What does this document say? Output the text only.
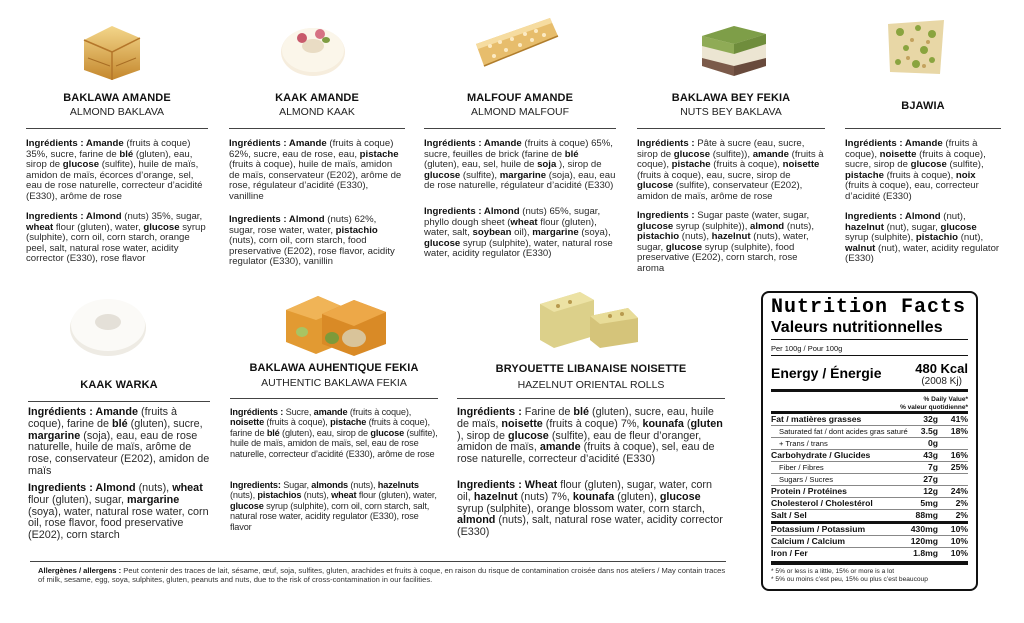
BAKLAWA AMANDE
ALMOND BAKLAVA

Ingrédients : Amande (fruits à coque) 35%, sucre, farine de blé (gluten), eau, sirop de glucose (sulfite), huile de maïs, amidon de maïs, écorces d’orange, sel, eau de rose naturelle, correcteur d’acidité (E330), arôme de rose

Ingredients : Almond (nuts) 35%, sugar, wheat flour (gluten), water, glucose syrup (sulphite), corn oil, corn starch, orange peel, salt, natural rose water, acidity corrector (E330), rose flavor

KAAK AMANDE
ALMOND KAAK

Ingrédients : Amande (fruits à coque) 62%, sucre, eau de rose, eau, pistache (fruits à coque), huile de maïs, amidon de maïs, conservateur (E202), arôme de rose, régulateur d’acidité (E330), vanilline

Ingredients : Almond (nuts) 62%, sugar, rose water, water, pistachio (nuts), corn oil, corn starch, food preservative (E202), rose flavor, acidity regulator (E330), vanillin

MALFOUF AMANDE
ALMOND MALFOUF

Ingrédients : Amande (fruits à coque) 65%, sucre, feuilles de brick (farine de blé (gluten), eau, sel, huile de soja ), sirop de glucose (sulfite), margarine (soja), eau, eau de rose naturelle, régulateur d’acidité (E330)

Ingredients : Almond (nuts) 65%, sugar, phyllo dough sheet (wheat flour (gluten), water, salt, soybean oil), margarine (soya), glucose syrup (sulphite), water, natural rose water, acidity regulator (E330)

BAKLAWA BEY FEKIA
NUTS BEY BAKLAVA

Ingrédients : Pâte à sucre (eau, sucre, sirop de glucose (sulfite)), amande (fruits à coque), pistache (fruits à coque), noisette (fruits à coque), eau, sucre, sirop de glucose (sulfite), conservateur (E202), amidon de maïs, arôme de rose

Ingredients : Sugar paste (water, sugar, glucose syrup (sulphite)), almond (nuts), pistachio (nuts), hazelnut (nuts), water, sugar, glucose syrup (sulphite), food preservative (E202), corn starch, rose aroma

BJAWIA

Ingrédients : Amande (fruits à coque), noisette (fruits à coque), sucre, sirop de glucose (sulfite), pistache (fruits à coque), noix (fruits à coque), eau, correcteur d’acidité (E330)

Ingredients : Almond (nut), hazelnut (nut), sugar, glucose syrup (sulphite), pistachio (nut), walnut (nut), water, acidity regulator (E330)

KAAK WARKA

Ingrédients : Amande (fruits à coque), farine de blé (gluten), sucre, margarine (soja), eau, eau de rose naturelle, huile de maïs, arôme de rose, conservateur (E202), amidon de maïs

Ingredients : Almond (nuts), wheat flour (gluten), sugar, margarine (soya), water, natural rose water, corn oil, rose flavor, food preservative (E202), corn starch

BAKLAWA AUHENTIQUE FEKIA
AUTHENTIC BAKLAWA FEKIA

Ingrédients : Sucre, amande (fruits à coque), noisette (fruits à coque), pistache (fruits à coque), farine de blé (gluten), eau, sirop de glucose (sulfite), huile de maïs, amidon de maïs, sel, eau de rose naturelle, correcteur d’acidité (E330), arôme de rose

Ingredients: Sugar, almonds (nuts), hazelnuts (nuts), pistachios (nuts), wheat flour (gluten), water, glucose syrup (sulphite), corn oil, corn starch, salt, natural rose water, acidity regulator (E330), rose flavor

BRYOUETTE LIBANAISE NOISETTE
HAZELNUT ORIENTAL ROLLS

Ingrédients : Farine de blé (gluten), sucre, eau, huile de maïs, noisette (fruits à coque) 7%, kounafa (gluten ), sirop de glucose (sulfite), eau de fleur d’oranger, amidon de maïs, amande (fruits à coque), sel, eau de rose naturelle, correcteur d’acidité (E330)

Ingredients : Wheat flour (gluten), sugar, water, corn oil, hazelnut (nuts) 7%, kounafa (gluten), glucose syrup (sulphite), orange blossom water, corn starch, almond (nuts), salt, natural rose water, acidity corrector (E330)

Allergènes / allergens : Peut contenir des traces de lait, sésame, œuf, soja, sulfites, gluten, arachides et fruits à coque, en raison du risque de contamination croisée dans nos ateliers / May contain traces of milk, sesame, egg, soya, sulphites, gluten, peanuts and nuts, due to the risk of cross-contamination in our facilities.
Nutrition Facts
Valeurs nutritionnelles
Per 100g / Pour 100g
Energy / Énergie	480 Kcal
(2008 Kj)
% Daily Value*
% valeur quotidienne*
Fat / matières grasses	32g	41%
Saturated fat / dont acides gras saturé	3.5g	18%
+ Trans / trans	0g
Carbohydrate / Glucides	43g	16%
Fiber / Fibres	7g	25%
Sugars / Sucres	27g
Protein / Protéines	12g	24%
Cholesterol / Cholestérol	5mg	2%
Salt / Sel	88mg	2%
Potassium / Potassium	430mg	10%
Calcium / Calcium	120mg	10%
Iron / Fer	1.8mg	10%
* 5% or less is a little, 15% or more is a lot
* 5% ou moins c’est peu, 15% ou plus c’est beaucoup
